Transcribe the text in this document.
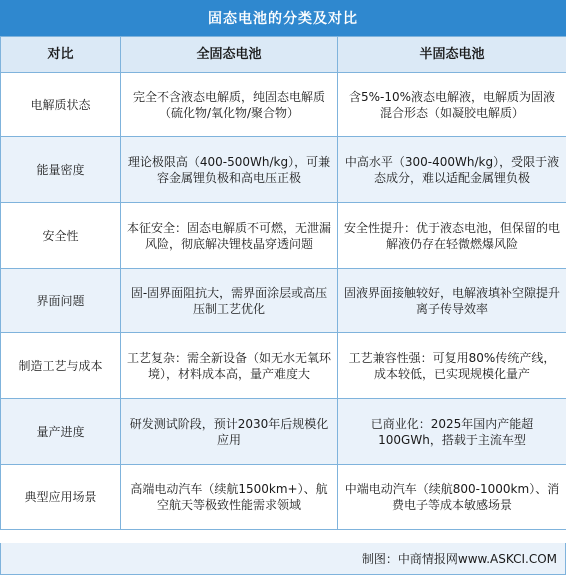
固态电池的分类及对比
对比	全固态电池	半固态电池
电解质状态	完全不含液态电解质，纯固态电解质（硫化物/氧化物/聚合物）	含5%-10%液态电解液，电解质为固液混合形态（如凝胶电解质）
能量密度	理论极限高（400-500Wh/kg），可兼容金属锂负极和高电压正极	中高水平（300-400Wh/kg），受限于液态成分，难以适配金属锂负极
安全性	本征安全：固态电解质不可燃，无泄漏风险，彻底解决锂枝晶穿透问题	安全性提升：优于液态电池，但保留的电解液仍存在轻微燃爆风险
界面问题	固-固界面阻抗大，需界面涂层或高压压制工艺优化	固液界面接触较好，电解液填补空隙提升离子传导效率
制造工艺与成本	工艺复杂：需全新设备（如无水无氧环境），材料成本高，量产难度大	工艺兼容性强：可复用80%传统产线，成本较低，已实现规模化量产
量产进度	研发测试阶段，预计2030年后规模化应用	已商业化：2025年国内产能超100GWh，搭载于主流车型
典型应用场景	高端电动汽车（续航1500km+）、航空航天等极致性能需求领域	中端电动汽车（续航800-1000km）、消费电子等成本敏感场景
制图：中商情报网www.ASKCI.COM
